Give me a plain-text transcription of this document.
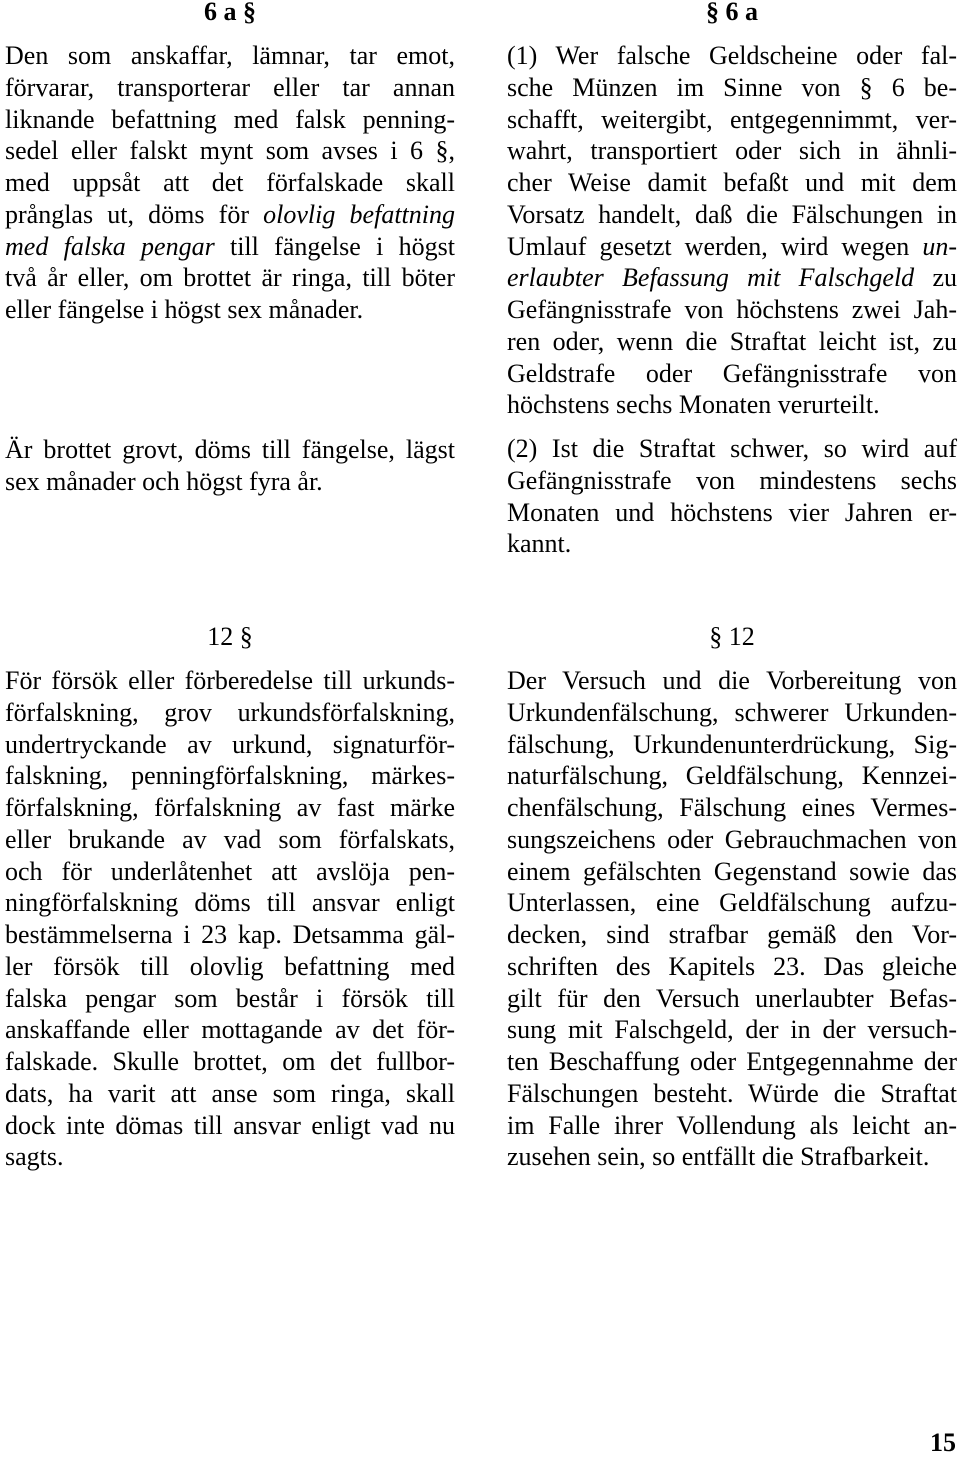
6 a §	§ 6 a
Den som anskaffar, lämnar, tar emot,
förvarar, transporterar eller tar annan
liknande befattning med falsk penning-
sedel eller falskt mynt som avses i 6 §,
med uppsåt att det förfalskade skall
prånglas ut, döms för olovlig befattning
med falska pengar till fängelse i högst
två år eller, om brottet är ringa, till böter
eller fängelse i högst sex månader.
Är brottet grovt, döms till fängelse, lägst
sex månader och högst fyra år.
(1) Wer falsche Geldscheine oder fal-
sche Münzen im Sinne von § 6 be-
schafft, weitergibt, entgegennimmt, ver-
wahrt, transportiert oder sich in ähnli-
cher Weise damit befaßt und mit dem
Vorsatz handelt, daß die Fälschungen in
Umlauf gesetzt werden, wird wegen un-
erlaubter Befassung mit Falschgeld zu
Gefängnisstrafe von höchstens zwei Jah-
ren oder, wenn die Straftat leicht ist, zu
Geldstrafe oder Gefängnisstrafe von
höchstens sechs Monaten verurteilt.
(2) Ist die Straftat schwer, so wird auf
Gefängnisstrafe von mindestens sechs
Monaten und höchstens vier Jahren er-
kannt.
12 §	§ 12
För försök eller förberedelse till urkunds-
förfalskning, grov urkundsförfalskning,
undertryckande av urkund, signaturför-
falskning, penningförfalskning, märkes-
förfalskning, förfalskning av fast märke
eller brukande av vad som förfalskats,
och för underlåtenhet att avslöja pen-
ningförfalskning döms till ansvar enligt
bestämmelserna i 23 kap. Detsamma gäl-
ler försök till olovlig befattning med
falska pengar som består i försök till
anskaffande eller mottagande av det för-
falskade. Skulle brottet, om det fullbor-
dats, ha varit att anse som ringa, skall
dock inte dömas till ansvar enligt vad nu
sagts.
Der Versuch und die Vorbereitung von
Urkundenfälschung, schwerer Urkunden-
fälschung, Urkundenunterdrückung, Sig-
naturfälschung, Geldfälschung, Kennzei-
chenfälschung, Fälschung eines Vermes-
sungszeichens oder Gebrauchmachen von
einem gefälschten Gegenstand sowie das
Unterlassen, eine Geldfälschung aufzu-
decken, sind strafbar gemäß den Vor-
schriften des Kapitels 23. Das gleiche
gilt für den Versuch unerlaubter Befas-
sung mit Falschgeld, der in der versuch-
ten Beschaffung oder Entgegennahme der
Fälschungen besteht. Würde die Straftat
im Falle ihrer Vollendung als leicht an-
zusehen sein, so entfällt die Strafbarkeit.
15
